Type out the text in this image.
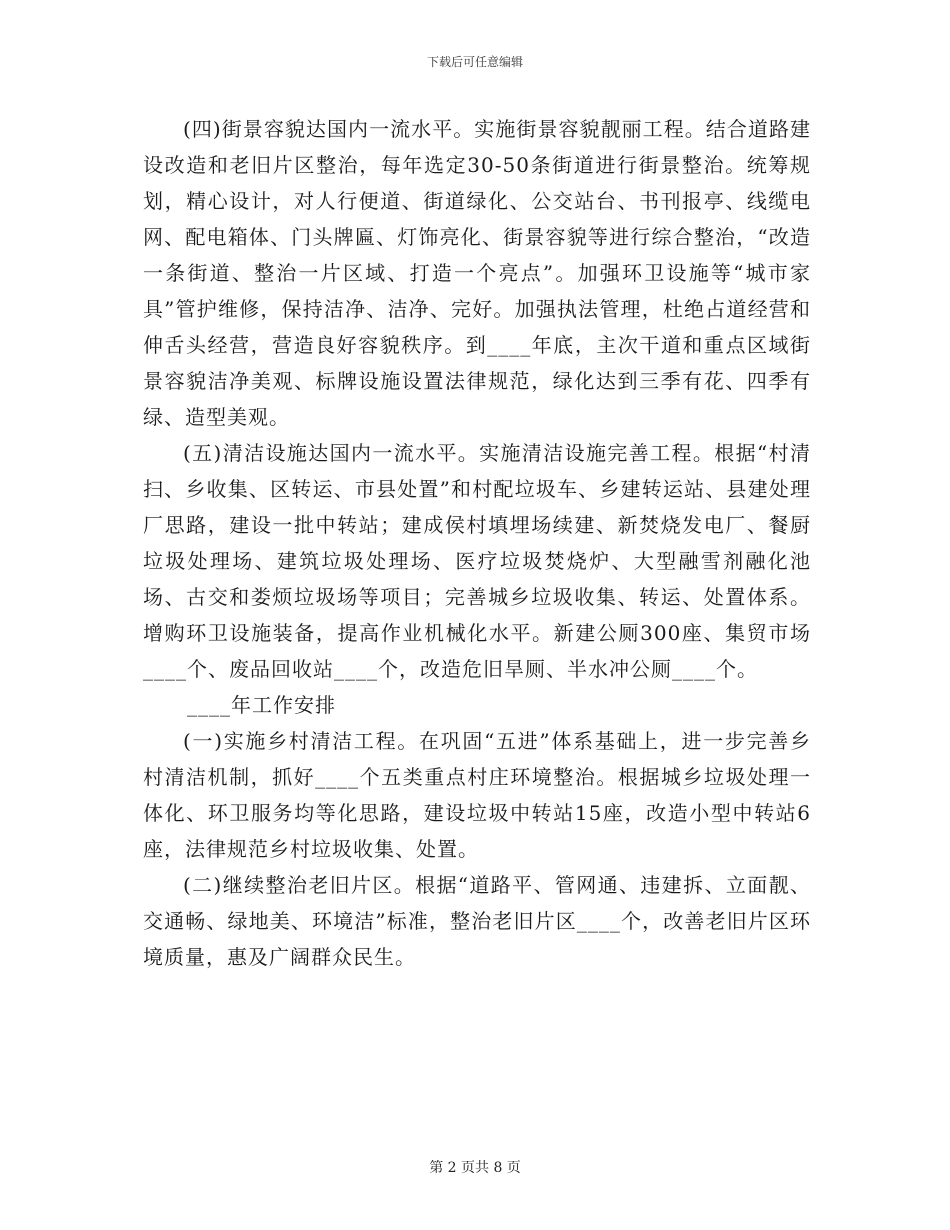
下载后可任意编辑

(四)街景容貌达国内一流水平。实施街景容貌靓丽工程。结合道路建设改造和老旧片区整治，每年选定30-50条街道进行街景整治。统筹规划，精心设计，对人行便道、街道绿化、公交站台、书刊报亭、线缆电网、配电箱体、门头牌匾、灯饰亮化、街景容貌等进行综合整治，“改造一条街道、整治一片区域、打造一个亮点”。加强环卫设施等“城市家具”管护维修，保持洁净、洁净、完好。加强执法管理，杜绝占道经营和伸舌头经营，营造良好容貌秩序。到____年底，主次干道和重点区域街景容貌洁净美观、标牌设施设置法律规范，绿化达到三季有花、四季有绿、造型美观。

(五)清洁设施达国内一流水平。实施清洁设施完善工程。根据“村清扫、乡收集、区转运、市县处置”和村配垃圾车、乡建转运站、县建处理厂思路，建设一批中转站；建成侯村填埋场续建、新焚烧发电厂、餐厨垃圾处理场、建筑垃圾处理场、医疗垃圾焚烧炉、大型融雪剂融化池场、古交和娄烦垃圾场等项目；完善城乡垃圾收集、转运、处置体系。增购环卫设施装备，提高作业机械化水平。新建公厕300座、集贸市场____个、废品回收站____个，改造危旧旱厕、半水冲公厕____个。

____年工作安排

(一)实施乡村清洁工程。在巩固“五进”体系基础上，进一步完善乡村清洁机制，抓好____个五类重点村庄环境整治。根据城乡垃圾处理一体化、环卫服务均等化思路，建设垃圾中转站15座，改造小型中转站6座，法律规范乡村垃圾收集、处置。

(二)继续整治老旧片区。根据“道路平、管网通、违建拆、立面靓、交通畅、绿地美、环境洁”标准，整治老旧片区____个，改善老旧片区环境质量，惠及广阔群众民生。

第 2 页共 8 页
